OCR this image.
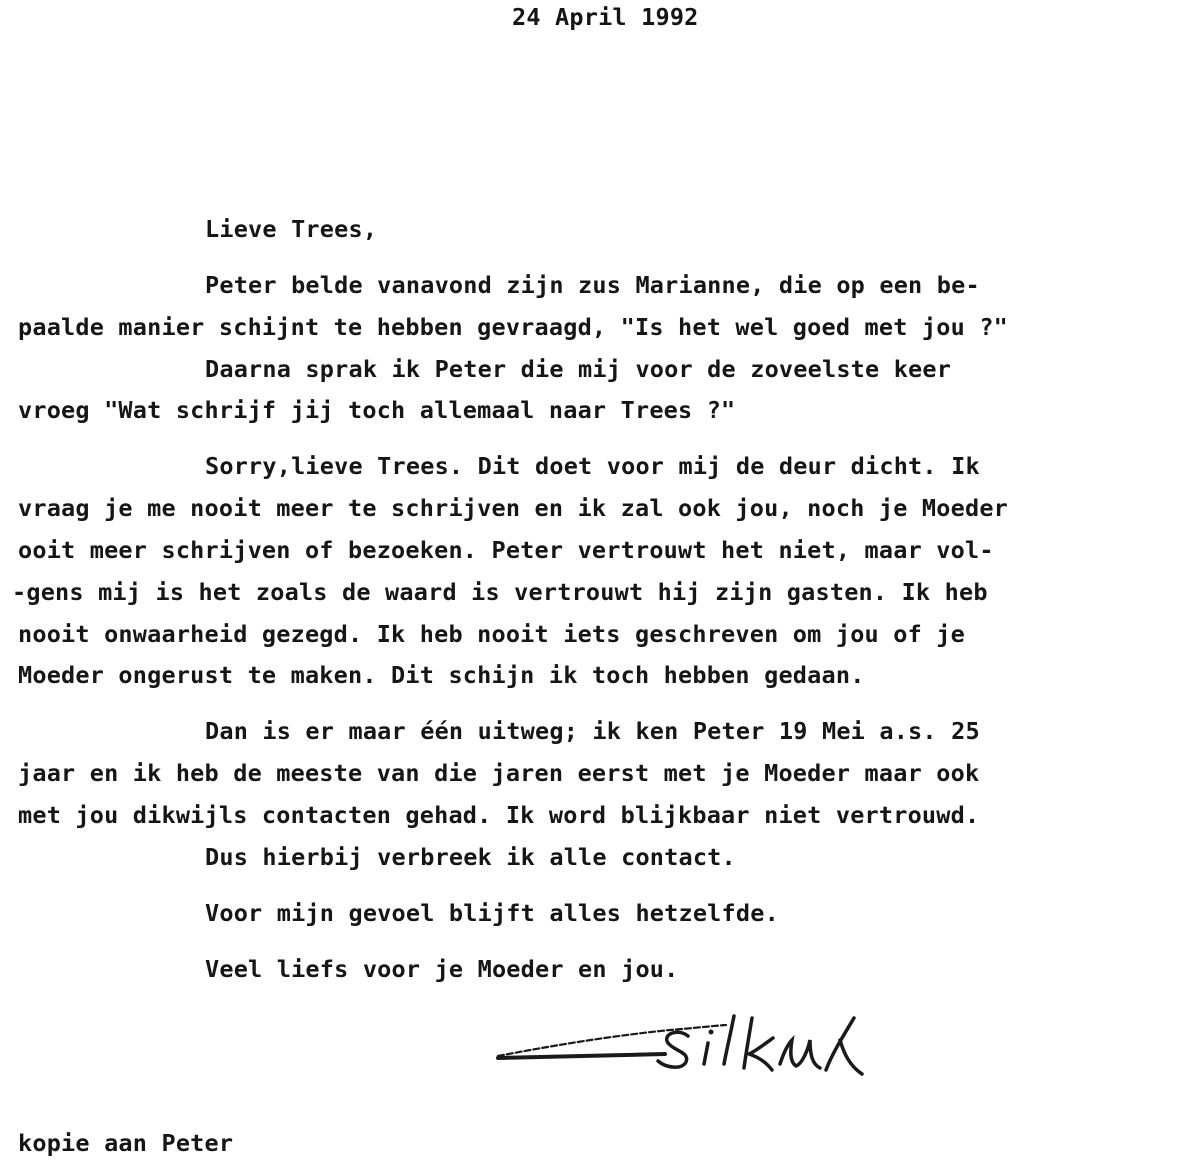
24 April 1992
Lieve Trees,
Peter belde vanavond zijn zus Marianne, die op een be-
paalde manier schijnt te hebben gevraagd, "Is het wel goed met jou ?"
Daarna sprak ik Peter die mij voor de zoveelste keer
vroeg "Wat schrijf jij toch allemaal naar Trees ?"
Sorry,lieve Trees. Dit doet voor mij de deur dicht. Ik
vraag je me nooit meer te schrijven en ik zal ook jou, noch je Moeder
ooit meer schrijven of bezoeken. Peter vertrouwt het niet, maar vol-
-gens mij is het zoals de waard is vertrouwt hij zijn gasten. Ik heb
nooit onwaarheid gezegd. Ik heb nooit iets geschreven om jou of je
Moeder ongerust te maken. Dit schijn ik toch hebben gedaan.
Dan is er maar één uitweg; ik ken Peter 19 Mei a.s. 25
jaar en ik heb de meeste van die jaren eerst met je Moeder maar ook
met jou dikwijls contacten gehad. Ik word blijkbaar niet vertrouwd.
Dus hierbij verbreek ik alle contact.
Voor mijn gevoel blijft alles hetzelfde.
Veel liefs voor je Moeder en jou.
kopie aan Peter
